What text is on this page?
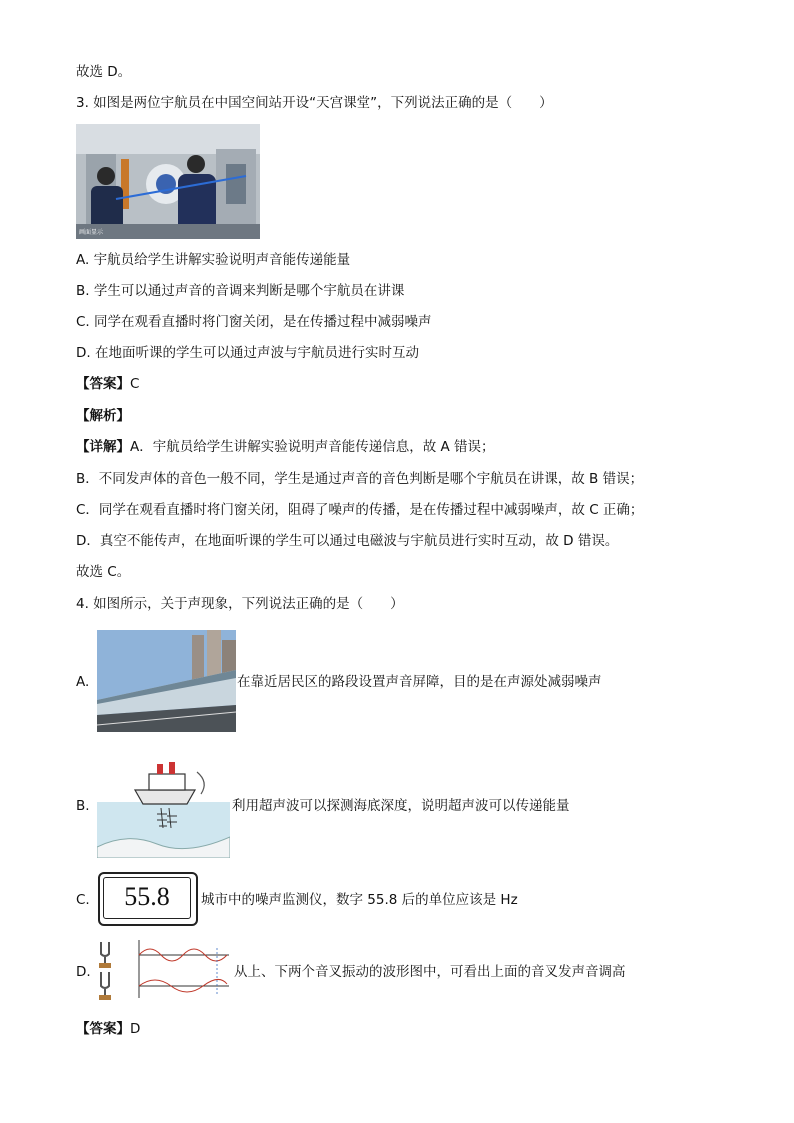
故选 D。
3. 如图是两位宇航员在中国空间站开设“天宫课堂”，下列说法正确的是（　　）
画面显示
A. 宇航员给学生讲解实验说明声音能传递能量
B. 学生可以通过声音的音调来判断是哪个宇航员在讲课
C. 同学在观看直播时将门窗关闭，是在传播过程中减弱噪声
D. 在地面听课的学生可以通过声波与宇航员进行实时互动
【答案】C
【解析】
【详解】A．宇航员给学生讲解实验说明声音能传递信息，故 A 错误；
B．不同发声体的音色一般不同，学生是通过声音的音色判断是哪个宇航员在讲课，故 B 错误；
C．同学在观看直播时将门窗关闭，阻碍了噪声的传播，是在传播过程中减弱噪声，故 C 正确；
D．真空不能传声，在地面听课的学生可以通过电磁波与宇航员进行实时互动，故 D 错误。
故选 C。
4. 如图所示，关于声现象，下列说法正确的是（　　）
A.	在靠近居民区的路段设置声音屏障，目的是在声源处减弱噪声
B.	利用超声波可以探测海底深度，说明超声波可以传递能量
C.	55.8	城市中的噪声监测仪，数字 55.8 后的单位应该是 Hz
D.	从上、下两个音叉振动的波形图中，可看出上面的音叉发声音调高
【答案】D
